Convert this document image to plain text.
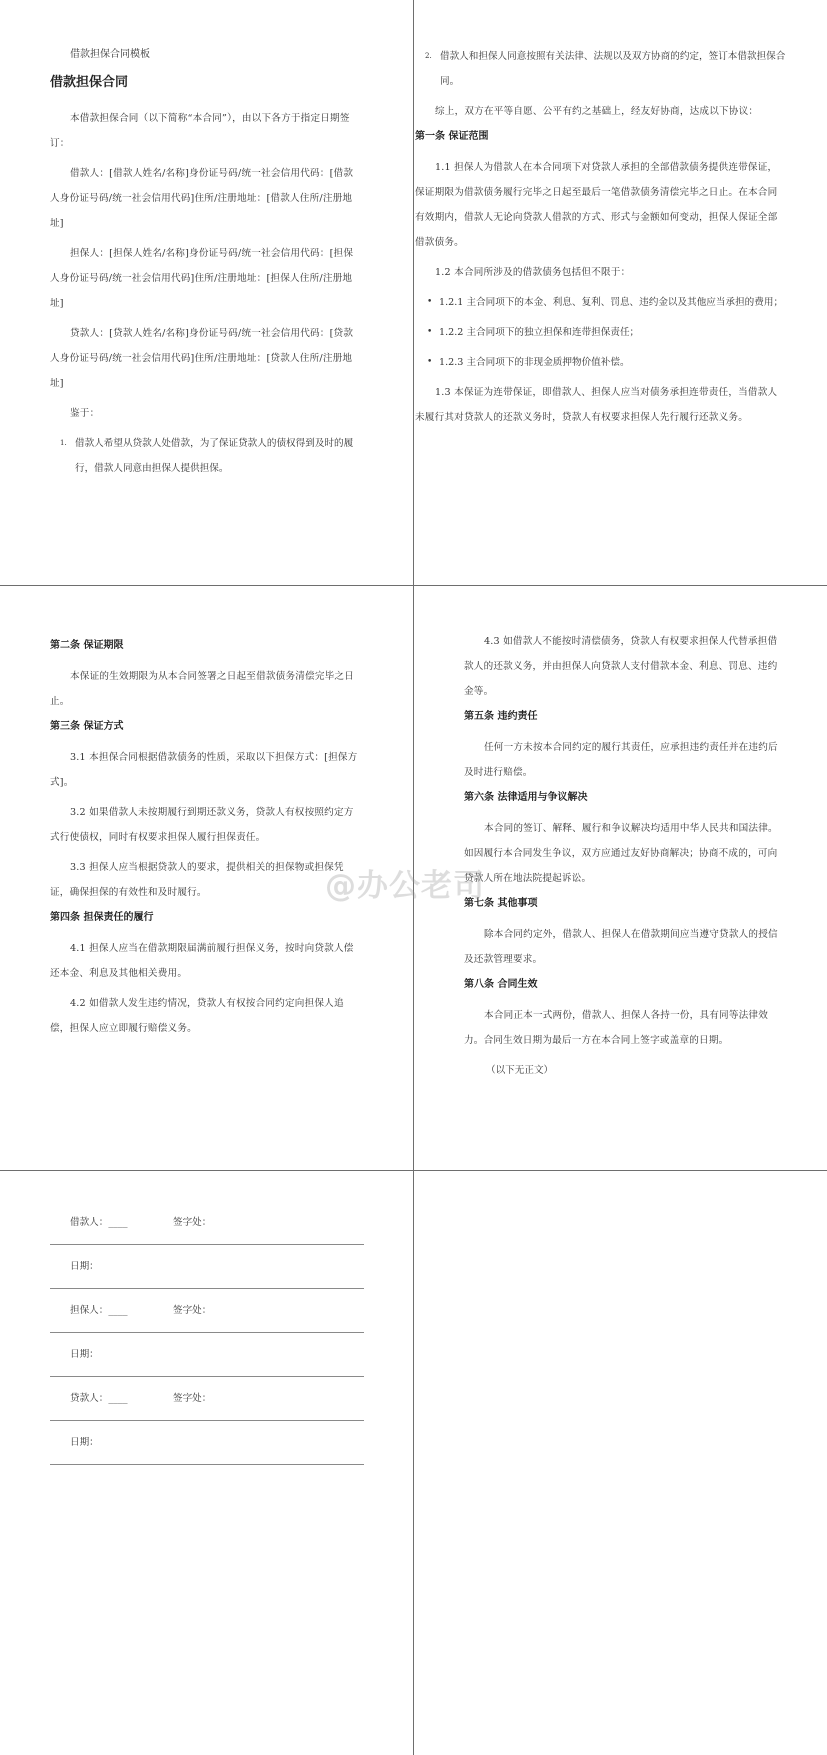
借款担保合同模板
借款担保合同

本借款担保合同（以下简称“本合同”），由以下各方于指定日期签订：

借款人：[借款人姓名/名称]身份证号码/统一社会信用代码：[借款人身份证号码/统一社会信用代码]住所/注册地址：[借款人住所/注册地址]

担保人：[担保人姓名/名称]身份证号码/统一社会信用代码：[担保人身份证号码/统一社会信用代码]住所/注册地址：[担保人住所/注册地址]

贷款人：[贷款人姓名/名称]身份证号码/统一社会信用代码：[贷款人身份证号码/统一社会信用代码]住所/注册地址：[贷款人住所/注册地址]

鉴于：

1. 借款人希望从贷款人处借款，为了保证贷款人的债权得到及时的履行，借款人同意由担保人提供担保。
2. 借款人和担保人同意按照有关法律、法规以及双方协商的约定，签订本借款担保合同。

综上，双方在平等自愿、公平有约之基础上，经友好协商，达成以下协议：

第一条 保证范围

1.1 担保人为借款人在本合同项下对贷款人承担的全部借款债务提供连带保证，保证期限为借款债务履行完毕之日起至最后一笔借款债务清偿完毕之日止。在本合同有效期内，借款人无论向贷款人借款的方式、形式与金额如何变动，担保人保证全部借款债务。

1.2 本合同所涉及的借款债务包括但不限于：

• 1.2.1 主合同项下的本金、利息、复利、罚息、违约金以及其他应当承担的费用；
• 1.2.2 主合同项下的独立担保和连带担保责任；
• 1.2.3 主合同项下的非现金质押物价值补偿。

1.3 本保证为连带保证，即借款人、担保人应当对债务承担连带责任，当借款人未履行其对贷款人的还款义务时，贷款人有权要求担保人先行履行还款义务。

第二条 保证期限

本保证的生效期限为从本合同签署之日起至借款债务清偿完毕之日止。

第三条 保证方式

3.1 本担保合同根据借款债务的性质，采取以下担保方式：[担保方式]。

3.2 如果借款人未按期履行到期还款义务，贷款人有权按照约定方式行使债权，同时有权要求担保人履行担保责任。

3.3 担保人应当根据贷款人的要求，提供相关的担保物或担保凭证，确保担保的有效性和及时履行。

第四条 担保责任的履行

4.1 担保人应当在借款期限届满前履行担保义务，按时向贷款人偿还本金、利息及其他相关费用。

4.2 如借款人发生违约情况，贷款人有权按合同约定向担保人追偿，担保人应立即履行赔偿义务。

4.3 如借款人不能按时清偿债务，贷款人有权要求担保人代替承担借款人的还款义务，并由担保人向贷款人支付借款本金、利息、罚息、违约金等。

第五条 违约责任

任何一方未按本合同约定的履行其责任，应承担违约责任并在违约后及时进行赔偿。

第六条 法律适用与争议解决

本合同的签订、解释、履行和争议解决均适用中华人民共和国法律。如因履行本合同发生争议，双方应通过友好协商解决；协商不成的，可向贷款人所在地法院提起诉讼。

第七条 其他事项

除本合同约定外，借款人、担保人在借款期间应当遵守贷款人的授信及还款管理要求。

第八条 合同生效

本合同正本一式两份，借款人、担保人各持一份，具有同等法律效力。合同生效日期为最后一方在本合同上签字或盖章的日期。

（以下无正文）
借款人：____	签字处：
日期：
担保人：____	签字处：
日期：
贷款人：____	签字处：
日期：
@办公老司
